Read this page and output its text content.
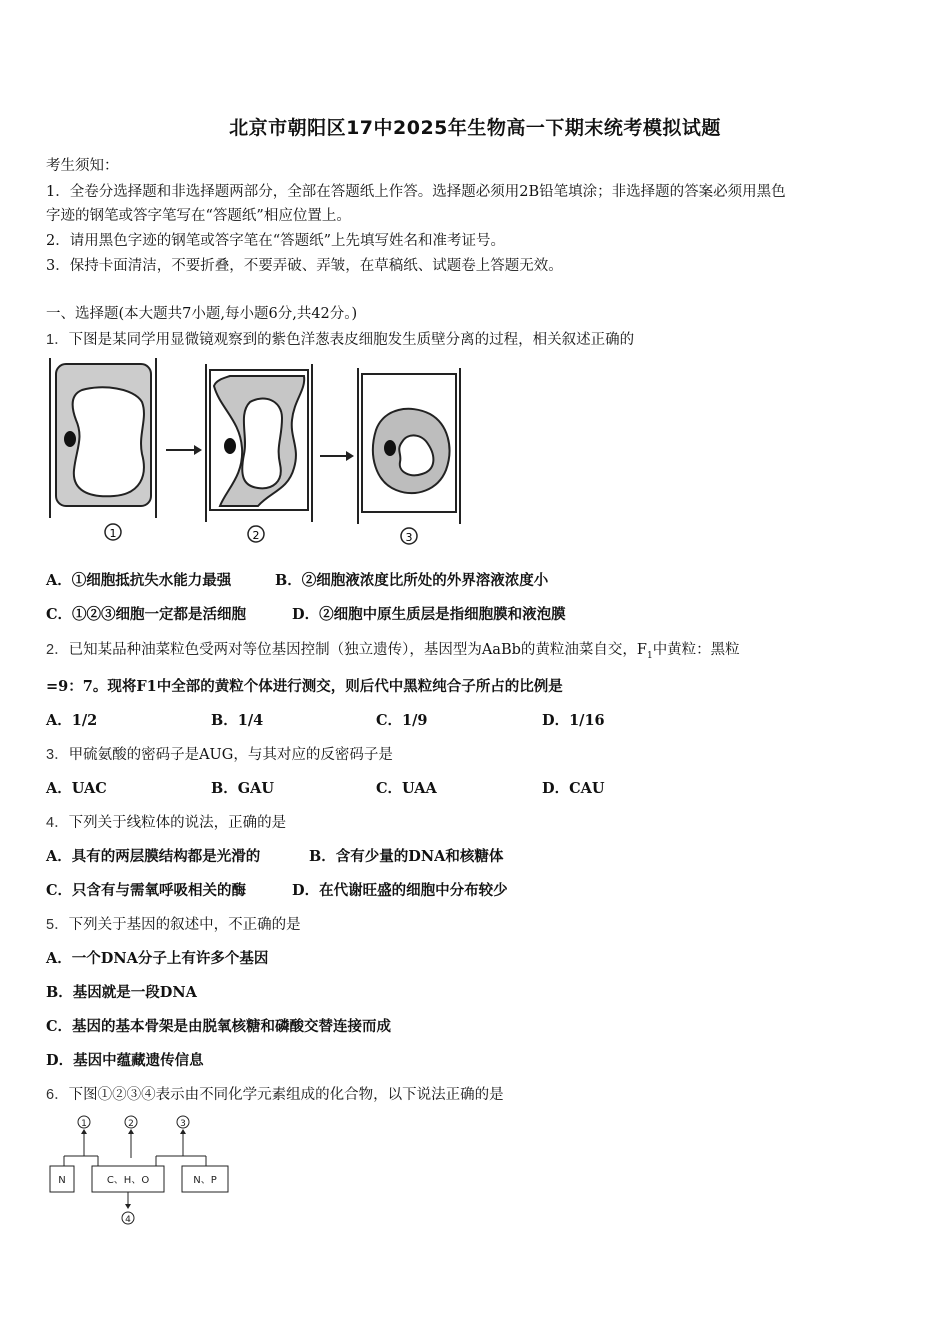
北京市朝阳区17中2025年生物高一下期末统考模拟试题
考生须知：
1．全卷分选择题和非选择题两部分，全部在答题纸上作答。选择题必须用2B铅笔填涂；非选择题的答案必须用黑色
字迹的钢笔或答字笔写在“答题纸”相应位置上。
2．请用黑色字迹的钢笔或答字笔在“答题纸”上先填写姓名和准考证号。
3．保持卡面清洁，不要折叠，不要弄破、弄皱，在草稿纸、试题卷上答题无效。
一、选择题(本大题共7小题,每小题6分,共42分。)
1．下图是某同学用显微镜观察到的紫色洋葱表皮细胞发生质壁分离的过程，相关叙述正确的
1	2	3
A．①细胞抵抗失水能力最强	B．②细胞液浓度比所处的外界溶液浓度小
C．①②③细胞一定都是活细胞	D．②细胞中原生质层是指细胞膜和液泡膜
2．已知某品种油菜粒色受两对等位基因控制（独立遗传），基因型为AaBb的黄粒油菜自交，$F_1$中黄粒：黑粒
=9：7。现将F1中全部的黄粒个体进行测交，则后代中黑粒纯合子所占的比例是
A．1/2	B．1/4	C．1/9	D．1/16
3．甲硫氨酸的密码子是AUG，与其对应的反密码子是
A．UAC	B．GAU	C．UAA	D．CAU
4．下列关于线粒体的说法，正确的是
A．具有的两层膜结构都是光滑的	B．含有少量的DNA和核糖体
C．只含有与需氧呼吸相关的酶	D．在代谢旺盛的细胞中分布较少
5．下列关于基因的叙述中，不正确的是
A．一个DNA分子上有许多个基因
B．基因就是一段DNA
C．基因的基本骨架是由脱氧核糖和磷酸交替连接而成
D．基因中蕴藏遗传信息
6．下图①②③④表示由不同化学元素组成的化合物，以下说法正确的是
1	2	3
N	C、H、O	N、P
4
